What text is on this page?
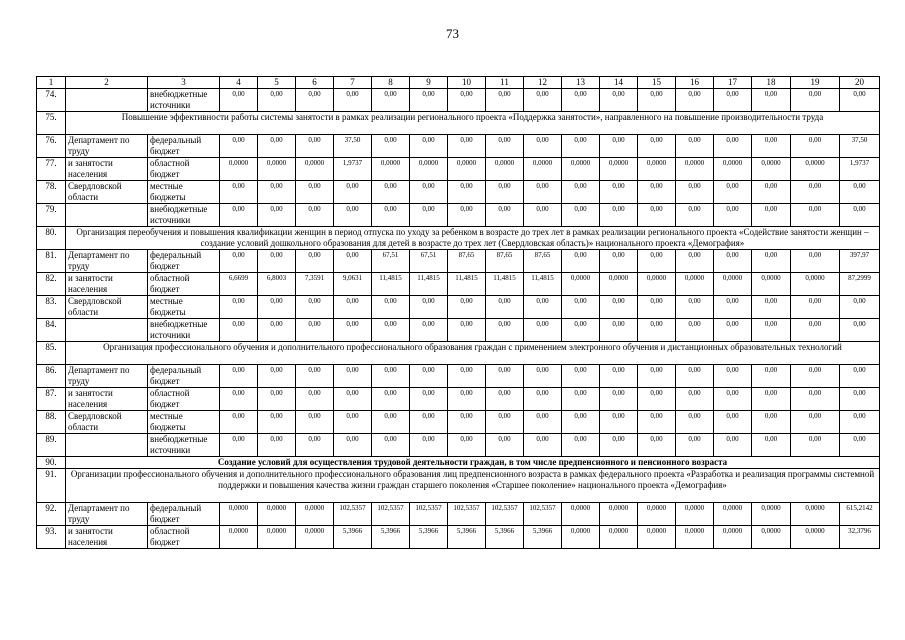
73
1	2	3	4	5	6	7	8	9	10	11	12	13	14	15	16	17	18	19	20
74.		внебюджетные источники	0,00	0,00	0,00	0,00	0,00	0,00	0,00	0,00	0,00	0,00	0,00	0,00	0,00	0,00	0,00	0,00	0,00
75.	Повышение эффективности работы системы занятости в рамках реализации регионального проекта «Поддержка занятости», направленного на повышение производительности труда																		
76.	Департамент по труду	федеральный бюджет	0,00	0,00	0,00	37,50	0,00	0,00	0,00	0,00	0,00	0,00	0,00	0,00	0,00	0,00	0,00	0,00	37,50
77.	и занятости населения	областной бюджет	0,0000	0,0000	0,0000	1,9737	0,0000	0,0000	0,0000	0,0000	0,0000	0,0000	0,0000	0,0000	0,0000	0,0000	0,0000	0,0000	1,9737
78.	Свердловской области	местные бюджеты	0,00	0,00	0,00	0,00	0,00	0,00	0,00	0,00	0,00	0,00	0,00	0,00	0,00	0,00	0,00	0,00	0,00
79.		внебюджетные источники	0,00	0,00	0,00	0,00	0,00	0,00	0,00	0,00	0,00	0,00	0,00	0,00	0,00	0,00	0,00	0,00	0,00
80.	Организация переобучения и повышения квалификации женщин в период отпуска по уходу за ребенком в возрасте до трех лет в рамках реализации регионального проекта «Содействие занятости женщин – создание условий дошкольного образования для детей в возрасте до трех лет (Свердловская область)» национального проекта «Демография»																		
81.	Департамент по труду	федеральный бюджет	0,00	0,00	0,00	0,00	67,51	67,51	87,65	87,65	87,65	0,00	0,00	0,00	0,00	0,00	0,00	0,00	397,97
82.	и занятости населения	областной бюджет	6,6699	6,8003	7,3591	9,0631	11,4815	11,4815	11,4815	11,4815	11,4815	0,0000	0,0000	0,0000	0,0000	0,0000	0,0000	0,0000	87,2999
83.	Свердловской области	местные бюджеты	0,00	0,00	0,00	0,00	0,00	0,00	0,00	0,00	0,00	0,00	0,00	0,00	0,00	0,00	0,00	0,00	0,00
84.		внебюджетные источники	0,00	0,00	0,00	0,00	0,00	0,00	0,00	0,00	0,00	0,00	0,00	0,00	0,00	0,00	0,00	0,00	0,00
85.	Организация профессионального обучения и дополнительного профессионального образования граждан с применением электронного обучения и дистанционных образовательных технологий																		
86.	Департамент по труду	федеральный бюджет	0,00	0,00	0,00	0,00	0,00	0,00	0,00	0,00	0,00	0,00	0,00	0,00	0,00	0,00	0,00	0,00	0,00
87.	и занятости населения	областной бюджет	0,00	0,00	0,00	0,00	0,00	0,00	0,00	0,00	0,00	0,00	0,00	0,00	0,00	0,00	0,00	0,00	0,00
88.	Свердловской области	местные бюджеты	0,00	0,00	0,00	0,00	0,00	0,00	0,00	0,00	0,00	0,00	0,00	0,00	0,00	0,00	0,00	0,00	0,00
89.		внебюджетные источники	0,00	0,00	0,00	0,00	0,00	0,00	0,00	0,00	0,00	0,00	0,00	0,00	0,00	0,00	0,00	0,00	0,00
90.	Создание условий для осуществления трудовой деятельности граждан, в том числе предпенсионного и пенсионного возраста																		
91.	Организации профессионального обучения и дополнительного профессионального образования лиц предпенсионного возраста в рамках федерального проекта «Разработка и реализация программы системной поддержки и повышения качества жизни граждан старшего поколения «Старшее поколение» национального проекта «Демография»																		
92.	Департамент по труду	федеральный бюджет	0,0000	0,0000	0,0000	102,5357	102,5357	102,5357	102,5357	102,5357	102,5357	0,0000	0,0000	0,0000	0,0000	0,0000	0,0000	0,0000	615,2142
93.	и занятости населения	областной бюджет	0,0000	0,0000	0,0000	5,3966	5,3966	5,3966	5,3966	5,3966	5,3966	0,0000	0,0000	0,0000	0,0000	0,0000	0,0000	0,0000	32,3796
